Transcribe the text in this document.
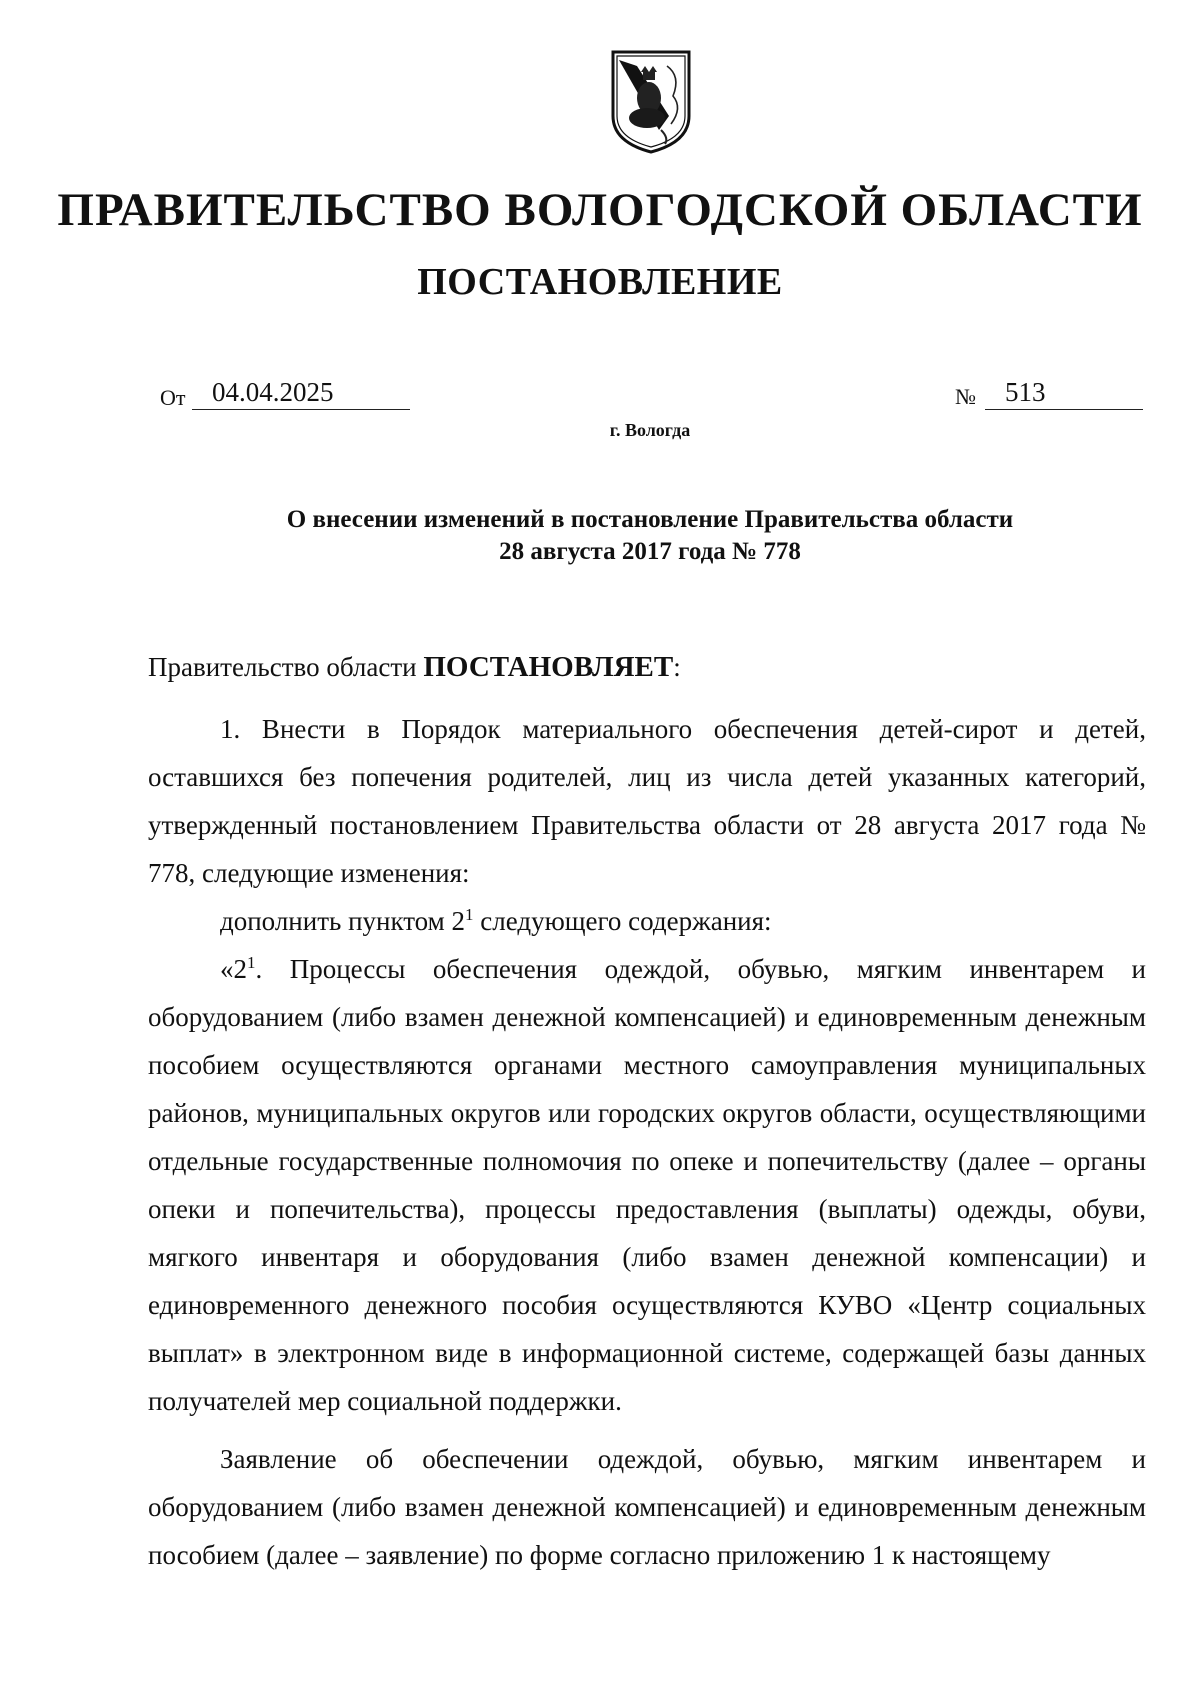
ПРАВИТЕЛЬСТВО ВОЛОГОДСКОЙ ОБЛАСТИ
ПОСТАНОВЛЕНИЕ
От 04.04.2025	№	513
г. Вологда
О внесении изменений в постановление Правительства области
28 августа 2017 года № 778

Правительство области ПОСТАНОВЛЯЕТ:

1. Внести в Порядок материального обеспечения детей-сирот и детей, оставшихся без попечения родителей, лиц из числа детей указанных категорий, утвержденный постановлением Правительства области от 28 августа 2017 года № 778, следующие изменения:

дополнить пунктом $2^1$ следующего содержания:

«$2^1$. Процессы обеспечения одеждой, обувью, мягким инвентарем и оборудованием (либо взамен денежной компенсацией) и единовременным денежным пособием осуществляются органами местного самоуправления муниципальных районов, муниципальных округов или городских округов области, осуществляющими отдельные государственные полномочия по опеке и попечительству (далее – органы опеки и попечительства), процессы предоставления (выплаты) одежды, обуви, мягкого инвентаря и оборудования (либо взамен денежной компенсации) и единовременного денежного пособия осуществляются КУВО «Центр социальных выплат» в электронном виде в информационной системе, содержащей базы данных получателей мер социальной поддержки.

Заявление об обеспечении одеждой, обувью, мягким инвентарем и оборудованием (либо взамен денежной компенсацией) и единовременным денежным пособием (далее – заявление) по форме согласно приложению 1 к настоящему
